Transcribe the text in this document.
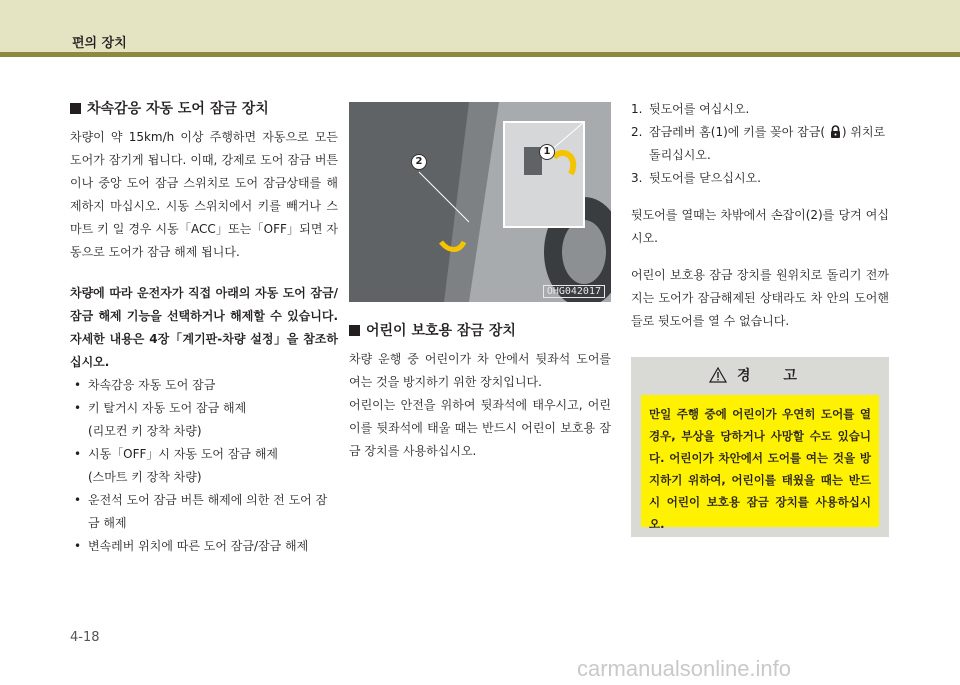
편의 장치
차속감응 자동 도어 잠금 장치

차량이 약 15km/h 이상 주행하면 자동으로 모든 도어가 잠기게 됩니다. 이때, 강제로 도어 잠금 버튼이나 중앙 도어 잠금 스위치로 도어 잠금상태를 해제하지 마십시오. 시동 스위치에서 키를 빼거나 스마트 키 일 경우 시동「ACC」또는「OFF」되면 자동으로 도어가 잠금 해제 됩니다.

차량에 따라 운전자가 직접 아래의 자동 도어 잠금/잠금 해제 기능을 선택하거나 해제할 수 있습니다. 자세한 내용은 4장「계기판-차량 설정」을 참조하십시오.

• 차속감응 자동 도어 잠금
• 키 탈거시 자동 도어 잠금 해제
(리모컨 키 장착 차량)
• 시동「OFF」시 자동 도어 잠금 해제
(스마트 키 장착 차량)
• 운전석 도어 잠금 버튼 해제에 의한 전 도어 잠금 해제
• 변속레버 위치에 따른 도어 잠금/잠금 해제
2
1
OHG042017
어린이 보호용 잠금 장치

차량 운행 중 어린이가 차 안에서 뒷좌석 도어를 여는 것을 방지하기 위한 장치입니다.

어린이는 안전을 위하여 뒷좌석에 태우시고, 어린이를 뒷좌석에 태울 때는 반드시 어린이 보호용 잠금 장치를 사용하십시오.

1. 뒷도어를 여십시오.
2. 잠금레버 홈(1)에 키를 꽂아 잠금( ) 위치로 돌리십시오.
3. 뒷도어를 닫으십시오.

뒷도어를 열때는 차밖에서 손잡이(2)를 당겨 여십시오.

어린이 보호용 잠금 장치를 원위치로 돌리기 전까지는 도어가 잠금해제된 상태라도 차 안의 도어핸들로 뒷도어를 열 수 없습니다.

경 고
만일 주행 중에 어린이가 우연히 도어를 열 경우, 부상을 당하거나 사망할 수도 있습니다. 어린이가 차안에서 도어를 여는 것을 방지하기 위하여, 어린이를 태웠을 때는 반드시 어린이 보호용 잠금 장치를 사용하십시오.
4-18
carmanualsonline.info
